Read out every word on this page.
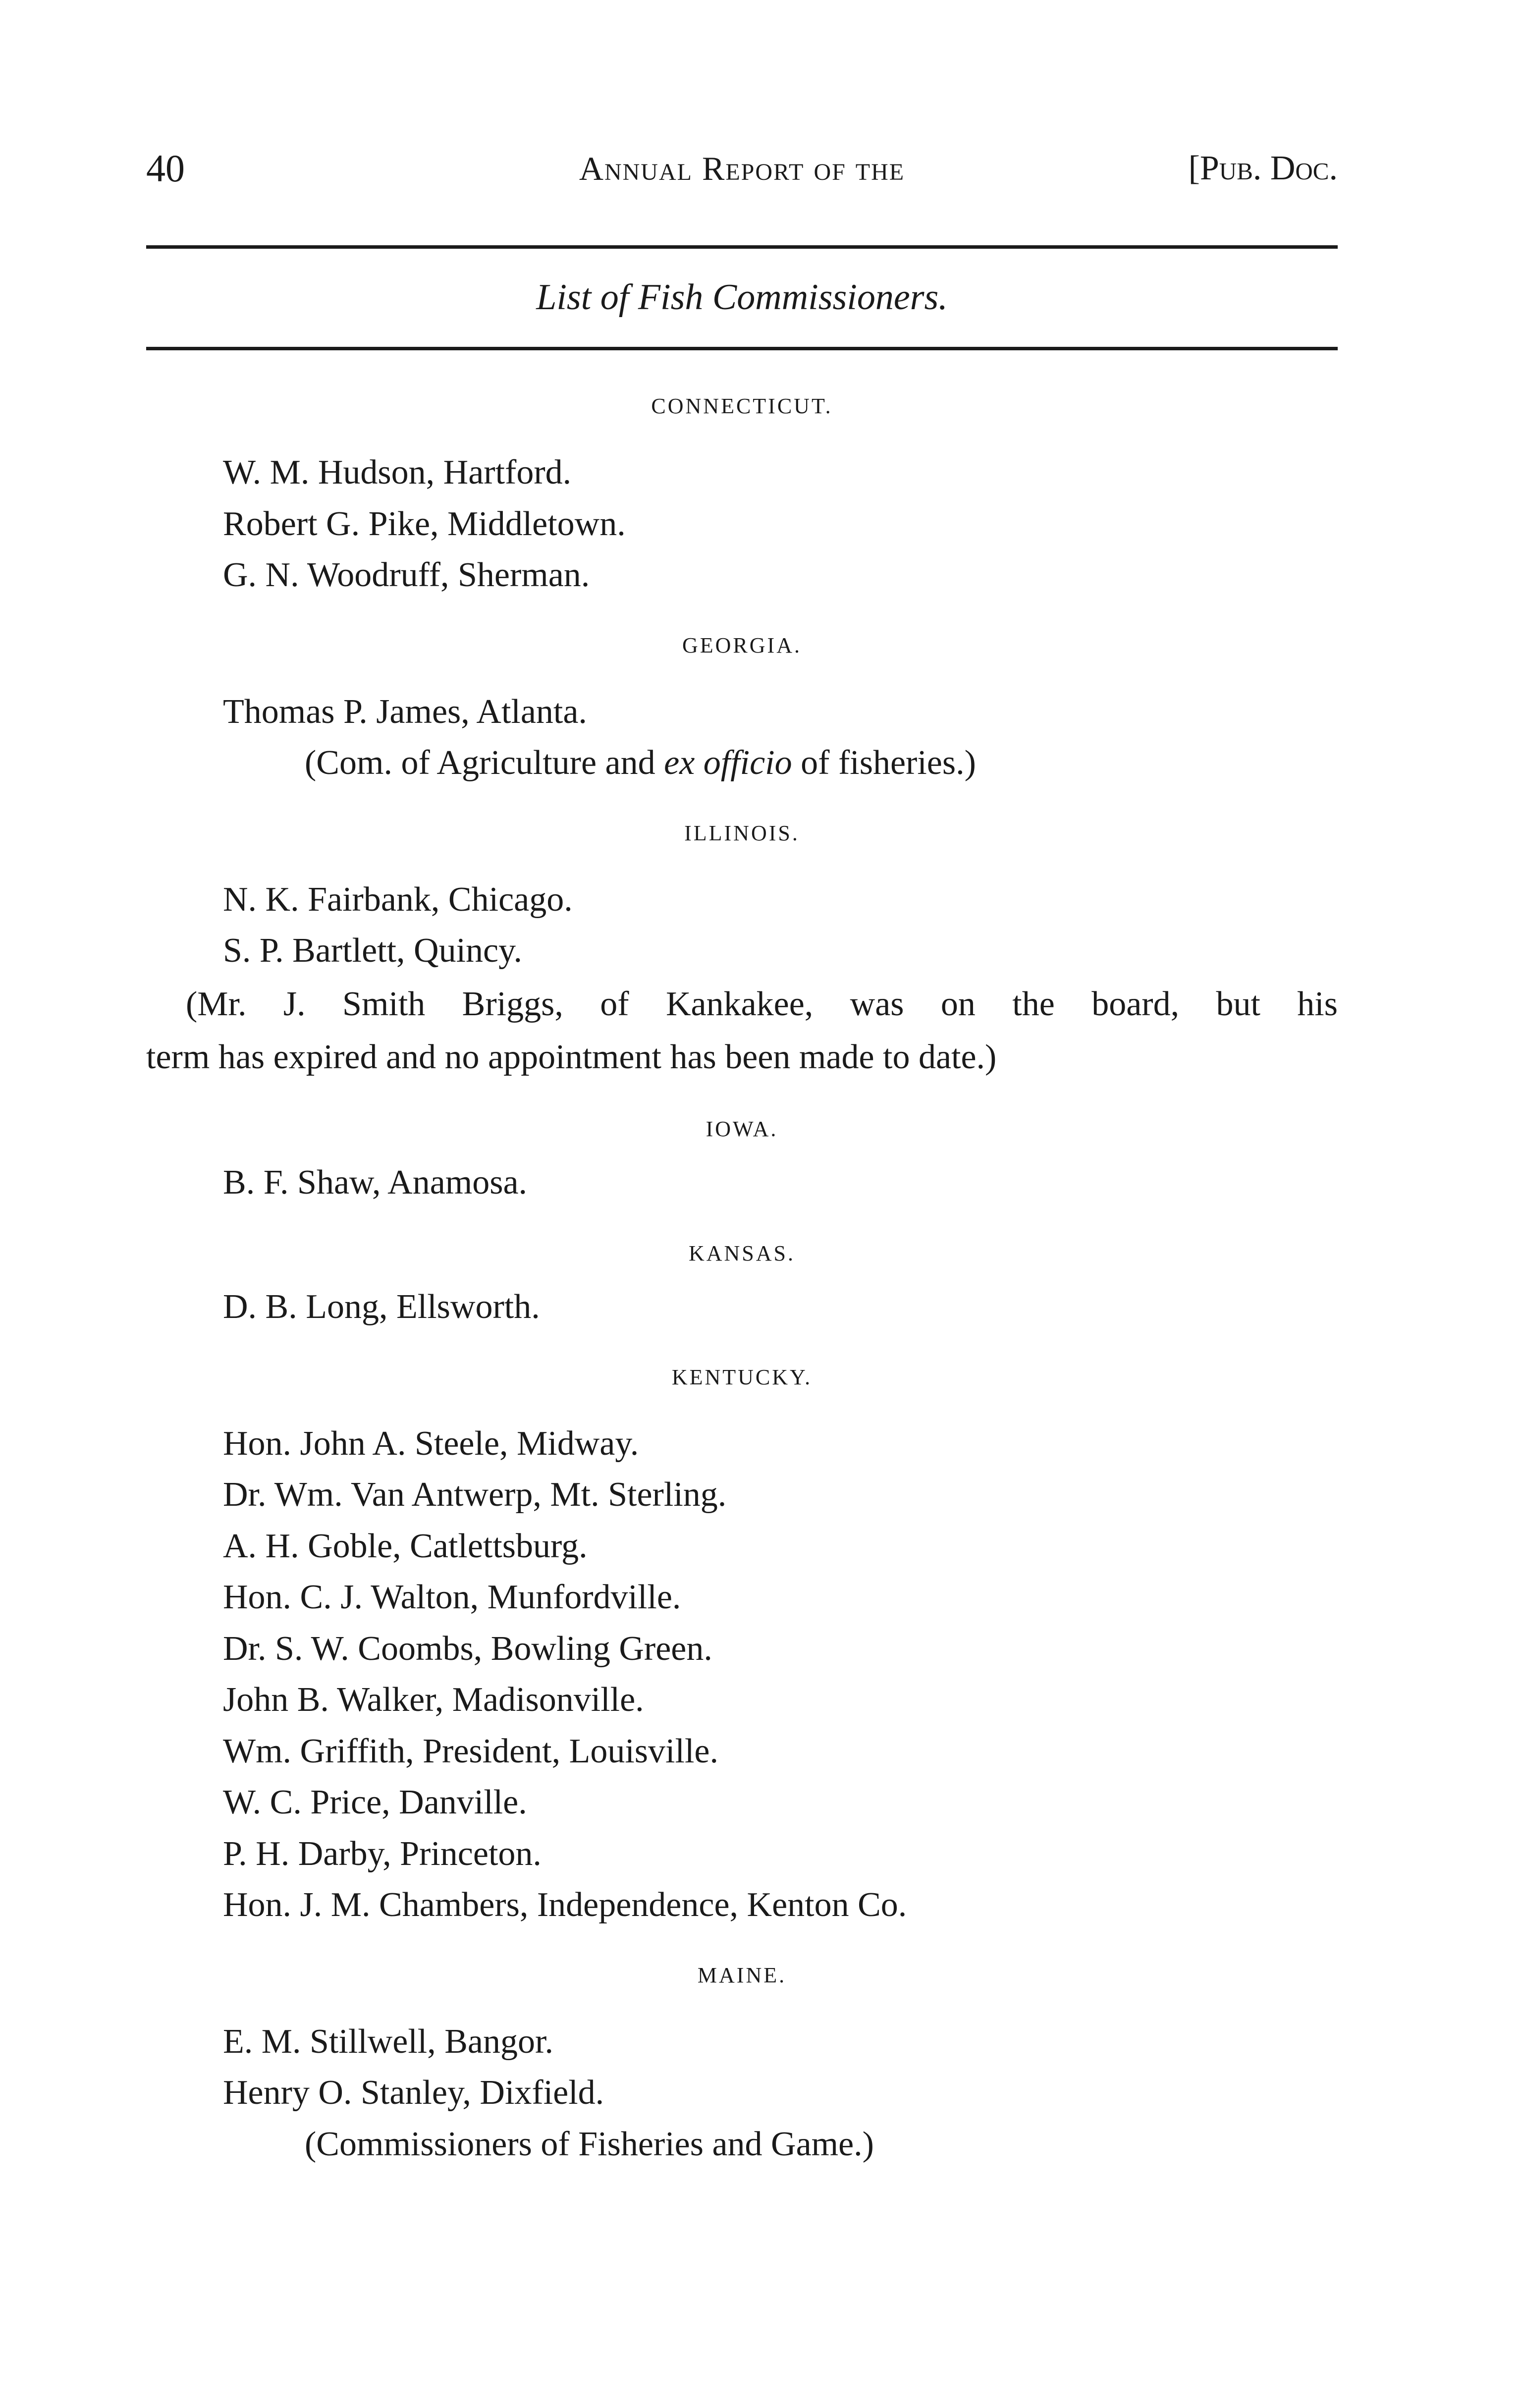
40	Annual Report of the	[Pub. Doc.
List of Fish Commissioners.
CONNECTICUT.
W. M. Hudson, Hartford.
Robert G. Pike, Middletown.
G. N. Woodruff, Sherman.
GEORGIA.
Thomas P. James, Atlanta.
(Com. of Agriculture and ex officio of fisheries.)
ILLINOIS.
N. K. Fairbank, Chicago.
S. P. Bartlett, Quincy.
(Mr. J. Smith Briggs, of Kankakee, was on the board, but his
term has expired and no appointment has been made to date.)
IOWA.
B. F. Shaw, Anamosa.
KANSAS.
D. B. Long, Ellsworth.
KENTUCKY.
Hon. John A. Steele, Midway.
Dr. Wm. Van Antwerp, Mt. Sterling.
A. H. Goble, Catlettsburg.
Hon. C. J. Walton, Munfordville.
Dr. S. W. Coombs, Bowling Green.
John B. Walker, Madisonville.
Wm. Griffith, President, Louisville.
W. C. Price, Danville.
P. H. Darby, Princeton.
Hon. J. M. Chambers, Independence, Kenton Co.
MAINE.
E. M. Stillwell, Bangor.
Henry O. Stanley, Dixfield.
(Commissioners of Fisheries and Game.)
